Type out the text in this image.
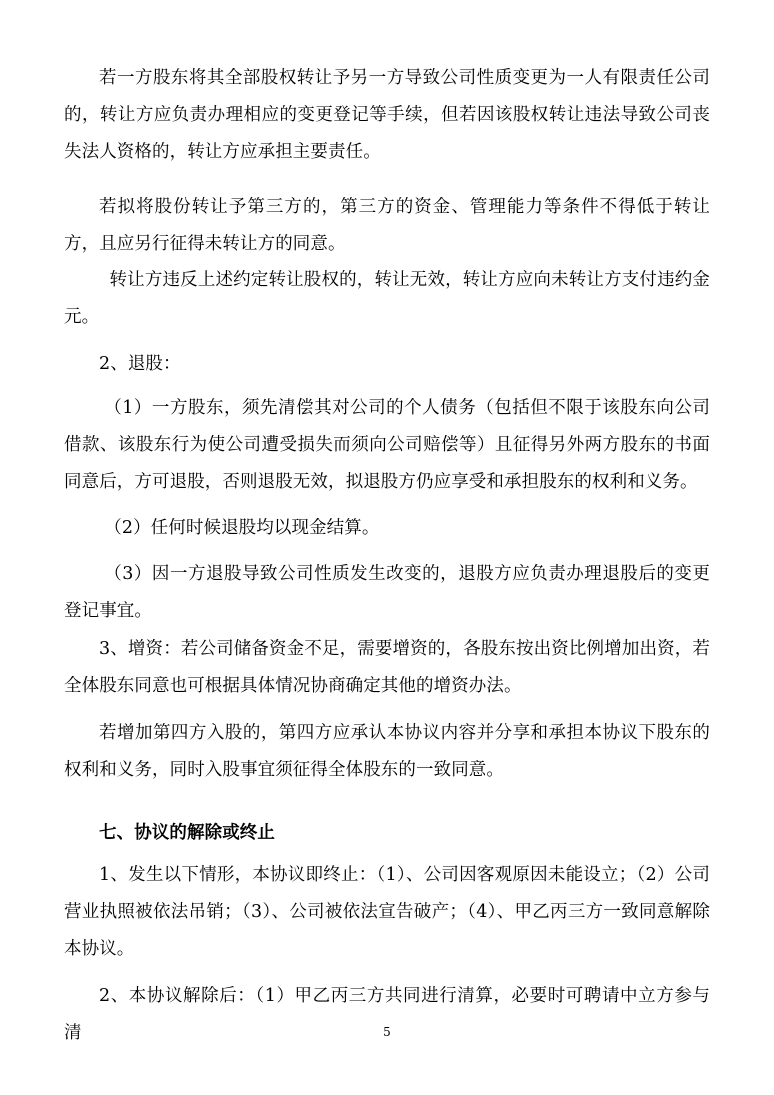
若一方股东将其全部股权转让予另一方导致公司性质变更为一人有限责任公司的，转让方应负责办理相应的变更登记等手续，但若因该股权转让违法导致公司丧失法人资格的，转让方应承担主要责任。

若拟将股份转让予第三方的，第三方的资金、管理能力等条件不得低于转让方，且应另行征得未转让方的同意。

转让方违反上述约定转让股权的，转让无效，转让方应向未转让方支付违约金元。

2、退股：

（1）一方股东，须先清偿其对公司的个人债务（包括但不限于该股东向公司借款、该股东行为使公司遭受损失而须向公司赔偿等）且征得另外两方股东的书面同意后，方可退股，否则退股无效，拟退股方仍应享受和承担股东的权利和义务。

（2）任何时候退股均以现金结算。

（3）因一方退股导致公司性质发生改变的，退股方应负责办理退股后的变更登记事宜。

3、增资：若公司储备资金不足，需要增资的，各股东按出资比例增加出资，若全体股东同意也可根据具体情况协商确定其他的增资办法。

若增加第四方入股的，第四方应承认本协议内容并分享和承担本协议下股东的权利和义务，同时入股事宜须征得全体股东的一致同意。

七、协议的解除或终止

1、发生以下情形，本协议即终止：（1）、公司因客观原因未能设立；（2）公司营业执照被依法吊销；（3）、公司被依法宣告破产；（4）、甲乙丙三方一致同意解除本协议。

2、本协议解除后：（1）甲乙丙三方共同进行清算，必要时可聘请中立方参与清	5
